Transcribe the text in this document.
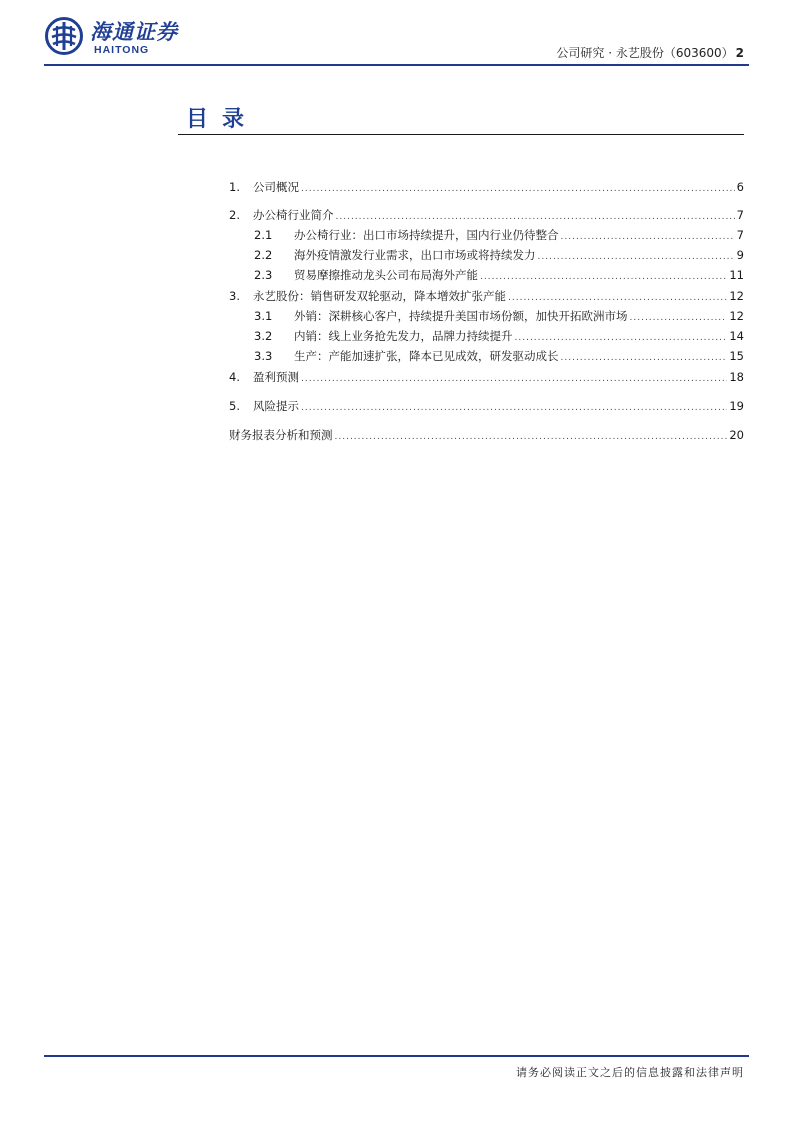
海通证券
HAITONG	公司研究 · 永艺股份（603600） 2
目录
1.	公司概况 .....	6
2.	办公椅行业简介 .....	7
2.1	办公椅行业：出口市场持续提升，国内行业仍待整合 .....	7
2.2	海外疫情激发行业需求，出口市场或将持续发力 .....	9
2.3	贸易摩擦推动龙头公司布局海外产能 .....	11
3.	永艺股份：销售研发双轮驱动，降本增效扩张产能 .....	12
3.1	外销：深耕核心客户，持续提升美国市场份额，加快开拓欧洲市场 .....	12
3.2	内销：线上业务抢先发力，品牌力持续提升 .....	14
3.3	生产：产能加速扩张，降本已见成效，研发驱动成长 .....	15
4.	盈利预测 .....	18
5.	风险提示 .....	19
财务报表分析和预测 .....	20
请务必阅读正文之后的信息披露和法律声明
